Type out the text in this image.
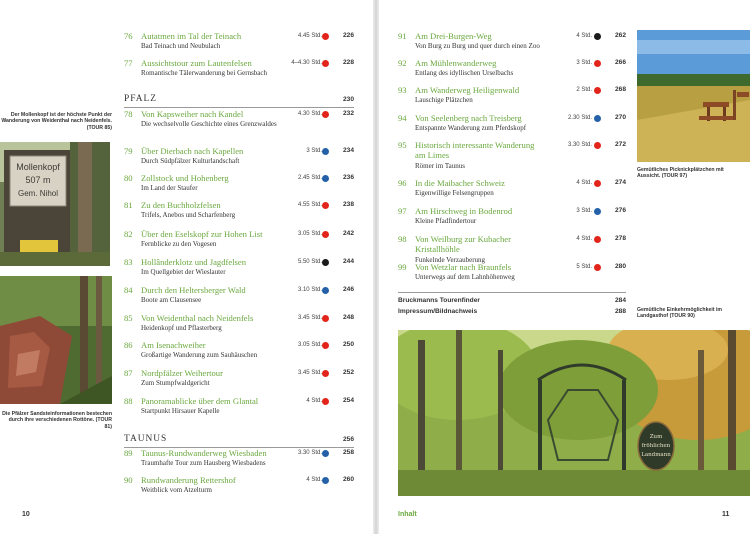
Mollenkopf
507 m
Gem. Nihol
Der Mollenkopf ist der höchste Punkt der Wanderung von Weidenthal nach Neidenfels. (TOUR 85)
Die Pfälzer Sandsteinformationen bestechen durch ihre verschiedenen Rottöne. (TOUR 81)
76 Autatmen im Tal der Teinach
Bad Teinach und Neubulach
4.45 Std.	226
77 Aussichtstour zum Lautenfelsen
Romantische Tälerwanderung bei Gernsbach
4–4.30 Std.	228
78 Von Kapsweiher nach Kandel
Die wechselvolle Geschichte eines Grenzwaldes
4.30 Std.	232
79 Über Dierbach nach Kapellen
Durch Südpfälzer Kulturlandschaft
3 Std.	234
80 Zollstock und Hohenberg
Im Land der Staufer
2.45 Std.	236
81 Zu den Buchholzfelsen
Trifels, Anebos und Scharfenberg
4.55 Std.	238
82 Über den Eselskopf zur Hohen List
Fernblicke zu den Vogesen
3.05 Std.	242
83 Hollânderklotz und Jagdfelsen
Im Quellgebiet der Wieslauter
5.50 Std.	244
84 Durch den Heltersberger Wald
Boote am Clausensee
3.10 Std.	246
85 Von Weidenthal nach Neidenfels
Heidenkopf und Pflasterberg
3.45 Std.	248
86 Am Isenachweiher
Großartige Wanderung zum Sauhäuschen
3.05 Std.	250
87 Nordpfälzer Weihertour
Zum Stumpfwaldgericht
3.45 Std.	252
88 Panoramablicke über dem Glantal
Startpunkt Hirsauer Kapelle
4 Std.	254
89 Taunus-Rundwanderweg Wiesbaden
Traumhafte Tour zum Hausberg Wiesbadens
3.30 Std.	258
90 Rundwanderung Rettershof
Weitblick vom Atzelturm
4 Std.	260
PFALZ	230
TAUNUS	256
10
91 Am Drei-Burgen-Weg
Von Burg zu Burg und quer durch einen Zoo
4 Std.	262
92 Am Mühlenwanderweg
Entlang des idyllischen Urselbachs
3 Std.	266
93 Am Wanderweg Heiligenwald
Lauschige Plätzchen
2 Std.	268
94 Von Seelenberg nach Treisberg
Entspannte Wanderung zum Pferdskopf
2.30 Std.	270
95 Historisch interessante Wanderung am Limes
Römer im Taunus
3.30 Std.	272
96 In die Maibacher Schweiz
Eigenwillige Felsengruppen
4 Std.	274
97 Am Hirschweg in Bodenrod
Kleine Pfadfindertour
3 Std.	276
98 Von Weilburg zur Kubacher Kristallhöhle
Funkelnde Verzauberung
4 Std.	278
99 Von Wetzlar nach Braunfels
Unterwegs auf dem Lahnhöhenweg
5 Std.	280
Bruckmanns Tourenfinder	284
Impressum/Bildnachweis	288
Gemütliches Picknickplätzchen mit Aussicht. (TOUR 97)
Gemütliche Einkehrmöglichkeit im Landgasthof (TOUR 90)
Zum
fröhlichen
Landmann
Inhalt	11
